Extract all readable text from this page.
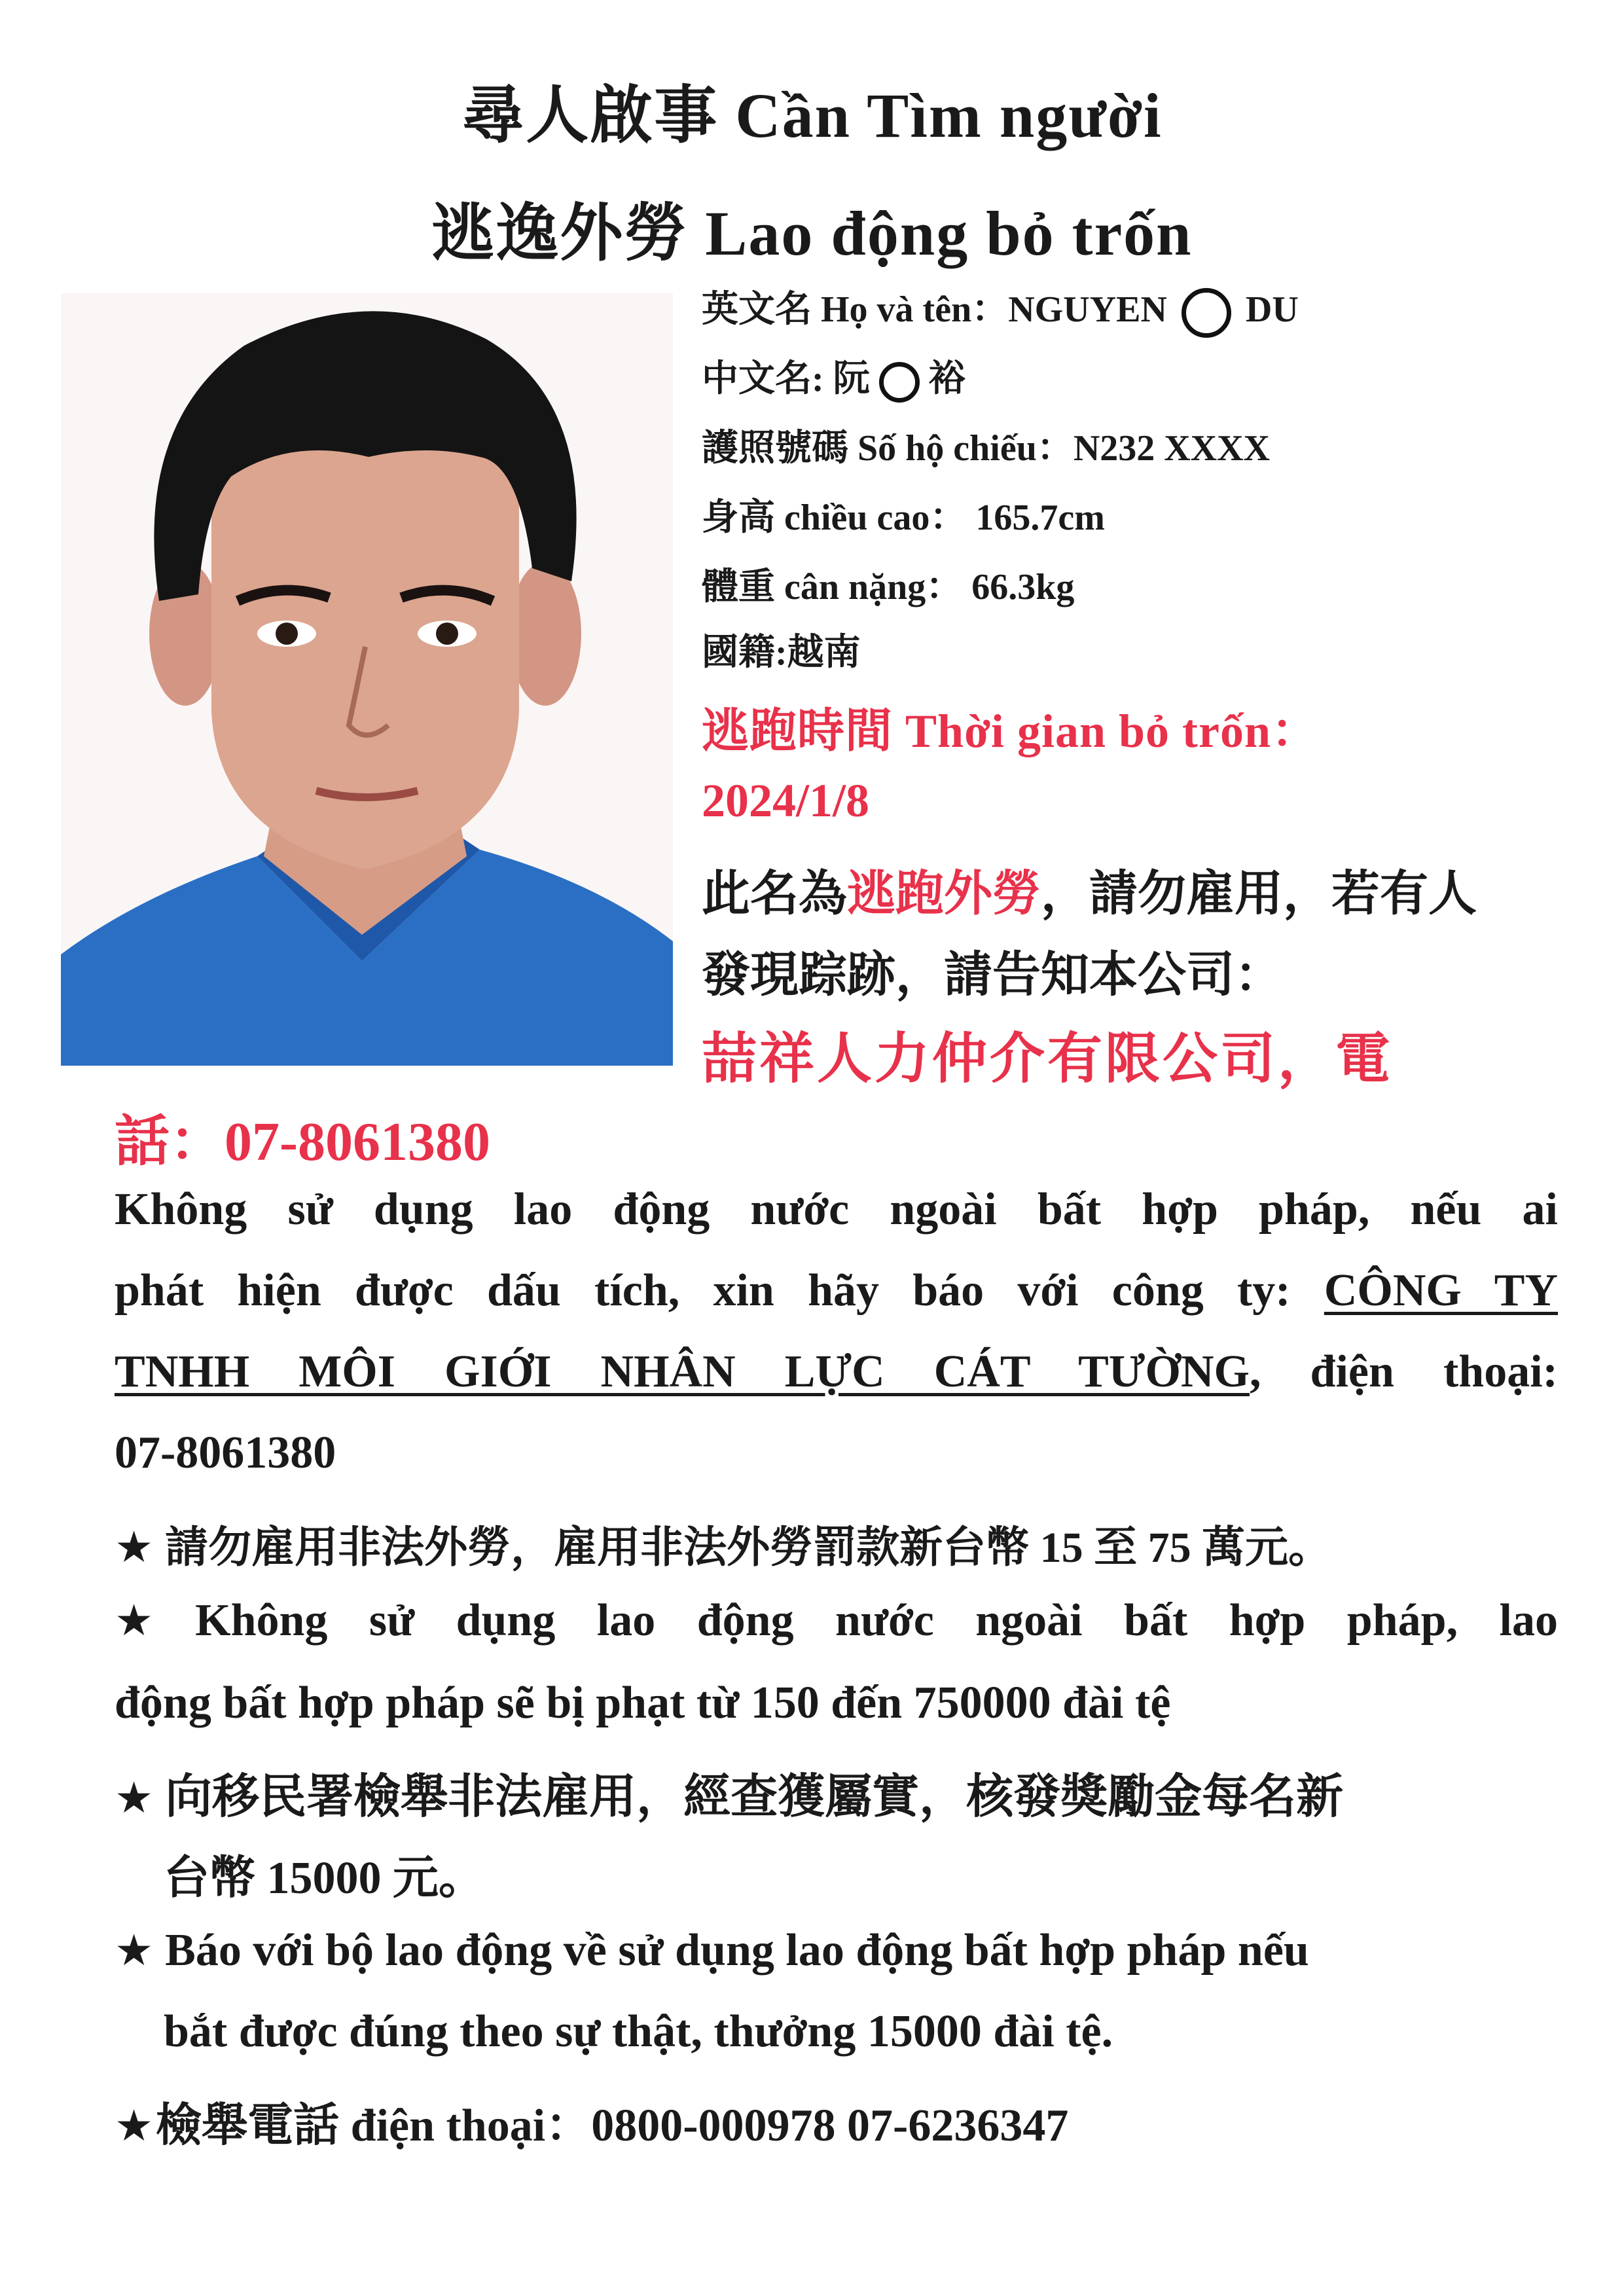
尋人啟事 Cần Tìm người
逃逸外勞 Lao động bỏ trốn
英文名 Họ và tên：NGUYEN DU
中文名: 阮 裕
護照號碼 Số hộ chiếu：N232 XXXX
身高 chiều cao： 165.7cm
體重 cân nặng： 66.3kg
國籍:越南
逃跑時間 Thời gian bỏ trốn：
2024/1/8
此名為逃跑外勞，請勿雇用，若有人
發現踪跡，請告知本公司：
喆祥人力仲介有限公司，電
話：07-8061380
Không sử dụng lao động nước ngoài bất hợp pháp, nếu ai
phát hiện được dấu tích, xin hãy báo với công ty: CÔNG TY
TNHH MÔI GIỚI NHÂN LỰC CÁT TƯỜNG, điện thoại:
07-8061380
★ 請勿雇用非法外勞，雇用非法外勞罰款新台幣 15 至 75 萬元。
★ Không sử dụng lao động nước ngoài bất hợp pháp, lao
động bất hợp pháp sẽ bị phạt từ 150 đến 750000 đài tệ
★ 向移民署檢舉非法雇用，經查獲屬實，核發獎勵金每名新
台幣 15000 元。
★ Báo với bộ lao động về sử dụng lao động bất hợp pháp nếu
bắt được đúng theo sự thật, thưởng 15000 đài tệ.
★檢舉電話 điện thoại：0800-000978 07-6236347
